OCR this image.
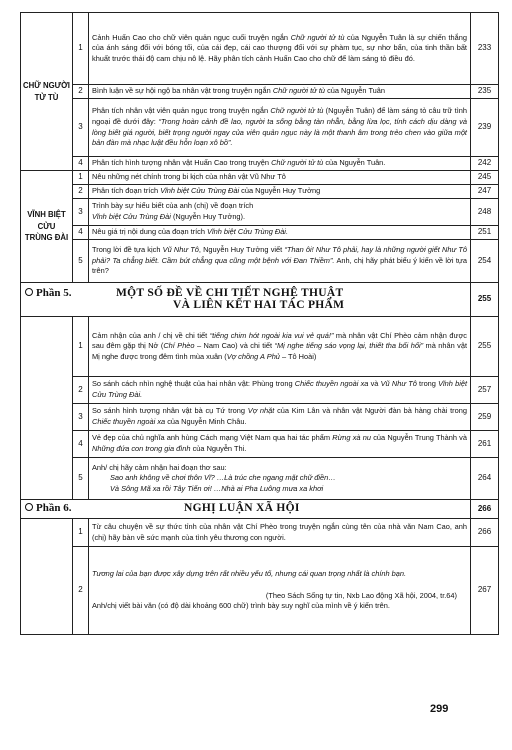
CHỮ NGƯỜI TỬ TÙ	1	Cảnh Huấn Cao cho chữ viên quản ngục cuối truyện ngắn Chữ người tử tù của Nguyễn Tuân là sự chiến thắng của ánh sáng đối với bóng tối, của cái đẹp, cái cao thượng đối với sự phàm tục, sự nhơ bẩn, của tinh thần bất khuất trước thái độ cam chịu nô lệ. Hãy phân tích cảnh Huấn Cao cho chữ để làm sáng tỏ điều đó.	233
	2	Bình luận về sự hội ngộ ba nhân vật trong truyện ngắn Chữ người tử tù của Nguyễn Tuân	235
	3	Phân tích nhân vật viên quản ngục trong truyện ngắn Chữ người tử tù (Nguyễn Tuân) để làm sáng tỏ câu trữ tình ngoại đề dưới đây: “Trong hoàn cảnh đề lao, người ta sống bằng tàn nhẫn, bằng lừa lọc, tính cách dịu dàng và lòng biết giá người, biết trọng người ngay của viên quản ngục này là một thanh âm trong trẻo chen vào giữa một bản đàn mà nhạc luật đều hỗn loạn xô bồ”.	239
	4	Phân tích hình tượng nhân vật Huấn Cao trong truyện Chữ người tử tù của Nguyễn Tuân.	242
VĨNH BIỆT CỬU TRÙNG ĐÀI	1	Nêu những nét chính trong bi kịch của nhân vật Vũ Như Tô	245
	2	Phân tích đoạn trích Vĩnh biệt Cửu Trùng Đài của Nguyễn Huy Tưởng	247
	3	Trình bày sự hiểu biết của anh (chị) về đoạn trích
Vĩnh biệt Cửu Trùng Đài (Nguyễn Huy Tưởng).	248
	4	Nêu giá trị nội dung của đoạn trích Vĩnh biệt Cửu Trùng Đài.	251
	5	Trong lời đề tựa kịch Vũ Như Tô, Nguyễn Huy Tưởng viết “Than ôi! Như Tô phải, hay là những người giết Như Tô phải? Ta chẳng biết. Cầm bút chẳng qua cũng một bệnh với Đan Thiềm”. Anh, chị hãy phát biểu ý kiến về lời tựa trên?	254
Phần 5. MỘT SỐ ĐỀ VỀ CHI TIẾT NGHỆ THUẬT
VÀ LIÊN KẾT HAI TÁC PHẨM			255
	1	Cảm nhận của anh / chị về chi tiết “tiếng chim hót ngoài kia vui vẻ quá!” mà nhân vật Chí Phèo cảm nhận được sau đêm gặp thị Nở (Chí Phèo – Nam Cao) và chi tiết “Mị nghe tiếng sáo vọng lại, thiết tha bổi hổi” mà nhân vật Mị nghe được trong đêm tình mùa xuân (Vợ chồng A Phủ – Tô Hoài)	255
	2	So sánh cách nhìn nghệ thuật của hai nhân vật: Phùng trong Chiếc thuyền ngoài xa và Vũ Như Tô trong Vĩnh biệt Cửu Trùng Đài.	257
	3	So sánh hình tượng nhân vật bà cụ Tứ trong Vợ nhặt của Kim Lân và nhân vật Người đàn bà hàng chài trong Chiếc thuyền ngoài xa của Nguyễn Minh Châu.	259
	4	Vẻ đẹp của chủ nghĩa anh hùng Cách mạng Việt Nam qua hai tác phẩm Rừng xà nu của Nguyễn Trung Thành và Những đứa con trong gia đình của Nguyễn Thi.	261
	5	Anh/ chị hãy cảm nhận hai đoạn thơ sau:
Sao anh không về chơi thôn Vĩ? …Là trúc che ngang mặt chữ điền…
Và Sông Mã xa rồi Tây Tiến ơi! …Nhà ai Pha Luông mưa xa khơi	264
Phần 6. NGHỊ LUẬN XÃ HỘI			266
	1	Từ câu chuyện về sự thức tỉnh của nhân vật Chí Phèo trong truyện ngắn cùng tên của nhà văn Nam Cao, anh (chị) hãy bàn về sức mạnh của tình yêu thương con người.	266
	2	Tương lai của bạn được xây dựng trên rất nhiều yếu tố, nhưng cái quan trọng nhất là chính bạn.

(Theo Sách Sống tự tin, Nxb Lao động Xã hội, 2004, tr.64)
Anh/chị viết bài văn (có độ dài khoảng 600 chữ) trình bày suy nghĩ của mình về ý kiến trên.	267
299
